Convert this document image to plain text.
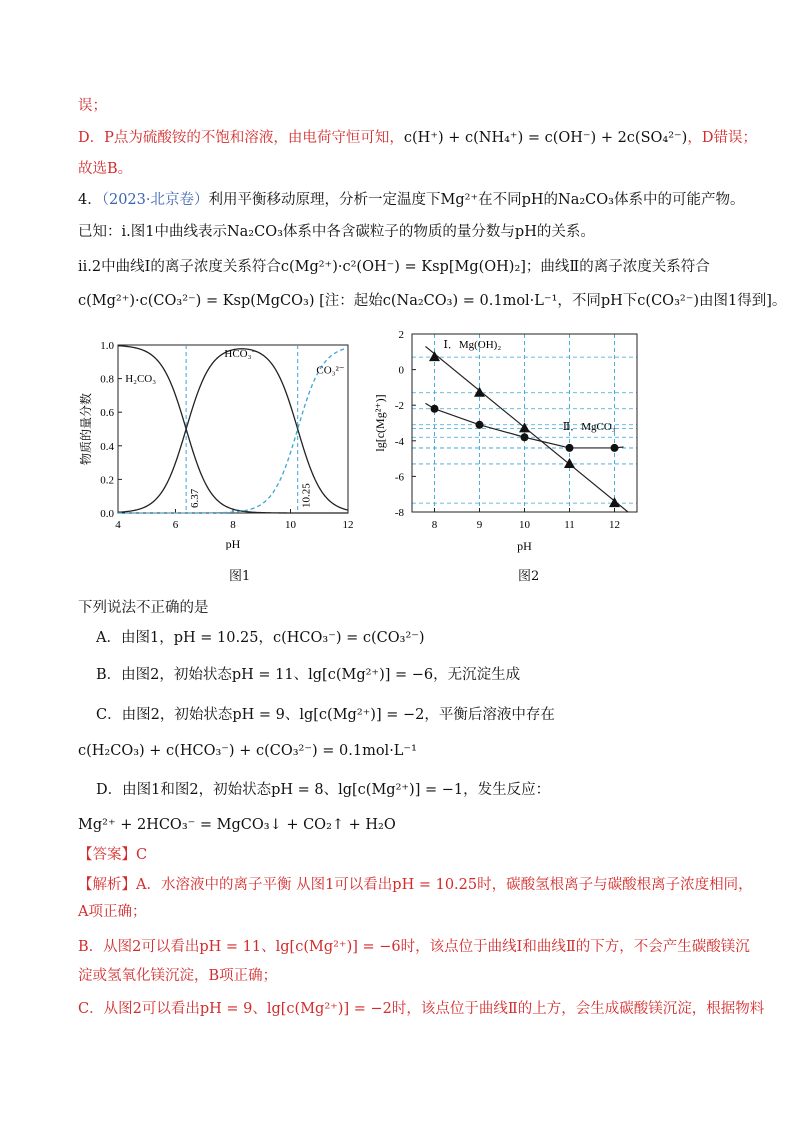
误；
D．P点为硫酸铵的不饱和溶液，由电荷守恒可知，c(H⁺) + c(NH₄⁺) = c(OH⁻) + 2c(SO₄²⁻)，D错误；
故选B。
4．（2023·北京卷）利用平衡移动原理，分析一定温度下Mg²⁺在不同pH的Na₂CO₃体系中的可能产物。
已知：i.图1中曲线表示Na₂CO₃体系中各含碳粒子的物质的量分数与pH的关系。
ii.2中曲线Ⅰ的离子浓度关系符合c(Mg²⁺)·c²(OH⁻) = Ksp[Mg(OH)₂]；曲线Ⅱ的离子浓度关系符合
c(Mg²⁺)·c(CO₃²⁻) = Ksp(MgCO₃) [注：起始c(Na₂CO₃) = 0.1mol·L⁻¹，不同pH下c(CO₃²⁻)由图1得到]。
4	6	8	10	12
0.0
0.2
0.4
0.6
0.8
1.0
pH
物质的量分数
6.37	10.25
H₂CO₃
HCO₃⁻
CO₃²⁻
图1
8	9	10	11	12
2
0
-2
-4
-6
-8
pH
lg[c(Mg²⁺)]
Ⅰ．Mg(OH)₂
Ⅱ．MgCO₃
图2
下列说法不正确的是
A．由图1，pH = 10.25，c(HCO₃⁻) = c(CO₃²⁻)
B．由图2，初始状态pH = 11、lg[c(Mg²⁺)] = −6，无沉淀生成
C．由图2，初始状态pH = 9、lg[c(Mg²⁺)] = −2，平衡后溶液中存在
c(H₂CO₃) + c(HCO₃⁻) + c(CO₃²⁻) = 0.1mol·L⁻¹
D．由图1和图2，初始状态pH = 8、lg[c(Mg²⁺)] = −1，发生反应：
Mg²⁺ + 2HCO₃⁻ = MgCO₃↓ + CO₂↑ + H₂O
【答案】C
【解析】A．水溶液中的离子平衡 从图1可以看出pH = 10.25时，碳酸氢根离子与碳酸根离子浓度相同，
A项正确；
B．从图2可以看出pH = 11、lg[c(Mg²⁺)] = −6时，该点位于曲线Ⅰ和曲线Ⅱ的下方，不会产生碳酸镁沉
淀或氢氧化镁沉淀，B项正确；
C．从图2可以看出pH = 9、lg[c(Mg²⁺)] = −2时，该点位于曲线Ⅱ的上方，会生成碳酸镁沉淀，根据物料
